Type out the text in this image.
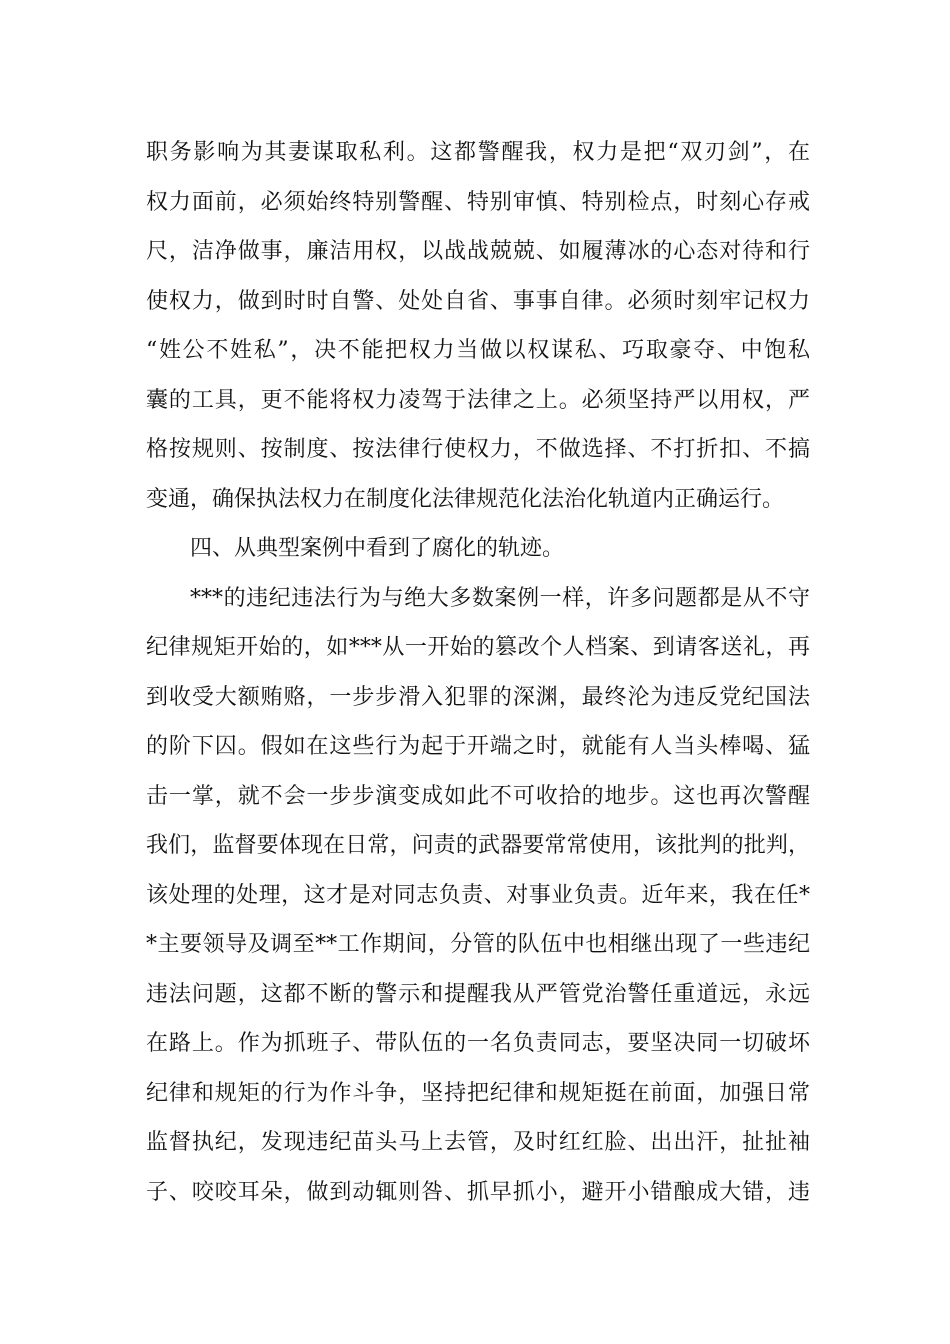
职务影响为其妻谋取私利。这都警醒我，权力是把“双刃剑”，在
权力面前，必须始终特别警醒、特别审慎、特别检点，时刻心存戒
尺，洁净做事，廉洁用权，以战战兢兢、如履薄冰的心态对待和行
使权力，做到时时自警、处处自省、事事自律。必须时刻牢记权力
“姓公不姓私”，决不能把权力当做以权谋私、巧取豪夺、中饱私
囊的工具，更不能将权力凌驾于法律之上。必须坚持严以用权，严
格按规则、按制度、按法律行使权力，不做选择、不打折扣、不搞
变通，确保执法权力在制度化法律规范化法治化轨道内正确运行。
四、从典型案例中看到了腐化的轨迹。
***的违纪违法行为与绝大多数案例一样，许多问题都是从不守
纪律规矩开始的，如***从一开始的篡改个人档案、到请客送礼，再
到收受大额贿赂，一步步滑入犯罪的深渊，最终沦为违反党纪国法
的阶下囚。假如在这些行为起于开端之时，就能有人当头棒喝、猛
击一掌，就不会一步步演变成如此不可收拾的地步。这也再次警醒
我们，监督要体现在日常，问责的武器要常常使用，该批判的批判，
该处理的处理，这才是对同志负责、对事业负责。近年来，我在任*
*主要领导及调至**工作期间，分管的队伍中也相继出现了一些违纪
违法问题，这都不断的警示和提醒我从严管党治警任重道远，永远
在路上。作为抓班子、带队伍的一名负责同志，要坚决同一切破坏
纪律和规矩的行为作斗争，坚持把纪律和规矩挺在前面，加强日常
监督执纪，发现违纪苗头马上去管，及时红红脸、出出汗，扯扯袖
子、咬咬耳朵，做到动辄则咎、抓早抓小，避开小错酿成大错，违
